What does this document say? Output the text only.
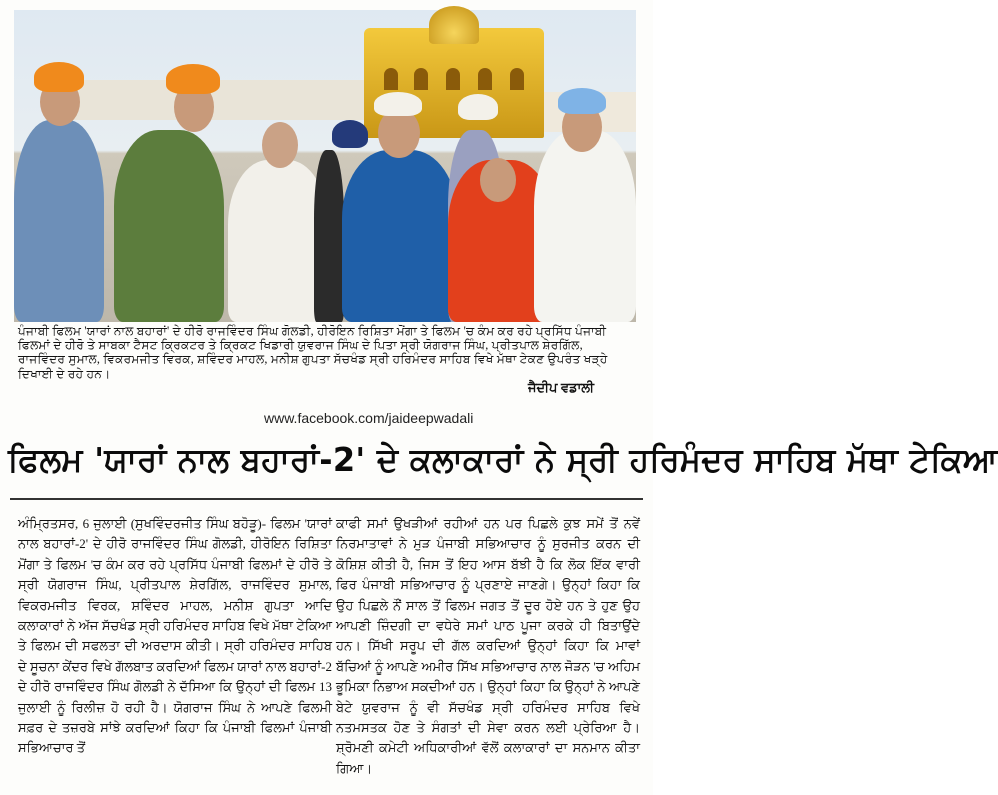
ਪੰਜਾਬੀ ਫਿਲਮ 'ਯਾਰਾਂ ਨਾਲ ਬਹਾਰਾਂ' ਦੇ ਹੀਰੋ ਰਾਜਵਿੰਦਰ ਸਿੰਘ ਗੋਲਡੀ, ਹੀਰੋਇਨ ਰਿਸ਼ਿਤਾ ਮੋਂਗਾ ਤੇ ਫਿਲਮ 'ਚ ਕੰਮ ਕਰ ਰਹੇ ਪ੍ਰਸਿੱਧ ਪੰਜਾਬੀ ਫਿਲਮਾਂ ਦੇ ਹੀਰੋ ਤੇ ਸਾਬਕਾ ਟੈਸਟ ਕ੍ਰਿਕਟਰ ਤੇ ਕ੍ਰਿਕਟ ਖਿਡਾਰੀ ਯੁਵਰਾਜ ਸਿੰਘ ਦੇ ਪਿਤਾ ਸ੍ਰੀ ਯੋਗਰਾਜ ਸਿੰਘ, ਪ੍ਰੀਤਪਾਲ ਸ਼ੇਰਗਿੱਲ, ਰਾਜਵਿੰਦਰ ਸੁਮਾਲ, ਵਿਕਰਮਜੀਤ ਵਿਰਕ, ਸ਼ਵਿੰਦਰ ਮਾਹਲ, ਮਨੀਸ਼ ਗੁਪਤਾ ਸੱਚਖੰਡ ਸ੍ਰੀ ਹਰਿਮੰਦਰ ਸਾਹਿਬ ਵਿਖੇ ਮੱਥਾ ਟੇਕਣ ਉਪਰੰਤ ਖੜ੍ਹੇ ਦਿਖਾਈ ਦੇ ਰਹੇ ਹਨ।
ਜੈਦੀਪ ਵਡਾਲੀ
www.facebook.com/jaideepwadali
ਫਿਲਮ 'ਯਾਰਾਂ ਨਾਲ ਬਹਾਰਾਂ-2' ਦੇ ਕਲਾਕਾਰਾਂ ਨੇ ਸ੍ਰੀ ਹਰਿਮੰਦਰ ਸਾਹਿਬ ਮੱਥਾ ਟੇਕਿਆ

ਅੰਮ੍ਰਿਤਸਰ, 6 ਜੁਲਾਈ (ਸੁਖਵਿੰਦਰਜੀਤ ਸਿੰਘ ਬਹੋੜੂ)- ਫਿਲਮ 'ਯਾਰਾਂ ਨਾਲ ਬਹਾਰਾਂ-2' ਦੇ ਹੀਰੋ ਰਾਜਵਿੰਦਰ ਸਿੰਘ ਗੋਲਡੀ, ਹੀਰੋਇਨ ਰਿਸ਼ਿਤਾ ਮੋਂਗਾ ਤੇ ਫਿਲਮ 'ਚ ਕੰਮ ਕਰ ਰਹੇ ਪ੍ਰਸਿੱਧ ਪੰਜਾਬੀ ਫਿਲਮਾਂ ਦੇ ਹੀਰੋ ਤੇ ਸ੍ਰੀ ਯੋਗਰਾਜ ਸਿੰਘ, ਪ੍ਰੀਤਪਾਲ ਸ਼ੇਰਗਿੱਲ, ਰਾਜਵਿੰਦਰ ਸੁਮਾਲ, ਵਿਕਰਮਜੀਤ ਵਿਰਕ, ਸ਼ਵਿੰਦਰ ਮਾਹਲ, ਮਨੀਸ਼ ਗੁਪਤਾ ਆਦਿ ਕਲਾਕਾਰਾਂ ਨੇ ਅੱਜ ਸੱਚਖੰਡ ਸ੍ਰੀ ਹਰਿਮੰਦਰ ਸਾਹਿਬ ਵਿਖੇ ਮੱਥਾ ਟੇਕਿਆ ਤੇ ਫਿਲਮ ਦੀ ਸਫਲਤਾ ਦੀ ਅਰਦਾਸ ਕੀਤੀ। ਸ੍ਰੀ ਹਰਿਮੰਦਰ ਸਾਹਿਬ ਦੇ ਸੂਚਨਾ ਕੇਂਦਰ ਵਿਖੇ ਗੱਲਬਾਤ ਕਰਦਿਆਂ ਫਿਲਮ ਯਾਰਾਂ ਨਾਲ ਬਹਾਰਾਂ-2 ਦੇ ਹੀਰੋ ਰਾਜਵਿੰਦਰ ਸਿੰਘ ਗੋਲਡੀ ਨੇ ਦੱਸਿਆ ਕਿ ਉਨ੍ਹਾਂ ਦੀ ਫਿਲਮ 13 ਜੁਲਾਈ ਨੂੰ ਰਿਲੀਜ਼ ਹੋ ਰਹੀ ਹੈ। ਯੋਗਰਾਜ ਸਿੰਘ ਨੇ ਆਪਣੇ ਫਿਲਮੀ ਸਫ਼ਰ ਦੇ ਤਜ਼ਰਬੇ ਸਾਂਝੇ ਕਰਦਿਆਂ ਕਿਹਾ ਕਿ ਪੰਜਾਬੀ ਫਿਲਮਾਂ ਪੰਜਾਬੀ ਸਭਿਆਚਾਰ ਤੋਂ

ਕਾਫੀ ਸਮਾਂ ਉਖੜੀਆਂ ਰਹੀਆਂ ਹਨ ਪਰ ਪਿਛਲੇ ਕੁਝ ਸਮੇਂ ਤੋਂ ਨਵੇਂ ਨਿਰਮਾਤਾਵਾਂ ਨੇ ਮੁੜ ਪੰਜਾਬੀ ਸਭਿਆਚਾਰ ਨੂੰ ਸੁਰਜੀਤ ਕਰਨ ਦੀ ਕੋਸ਼ਿਸ਼ ਕੀਤੀ ਹੈ, ਜਿਸ ਤੋਂ ਇਹ ਆਸ ਬੱਝੀ ਹੈ ਕਿ ਲੋਕ ਇੱਕ ਵਾਰੀ ਫਿਰ ਪੰਜਾਬੀ ਸਭਿਆਚਾਰ ਨੂੰ ਪ੍ਰਣਾਏ ਜਾਣਗੇ। ਉਨ੍ਹਾਂ ਕਿਹਾ ਕਿ ਉਹ ਪਿਛਲੇ ਨੌਂ ਸਾਲ ਤੋਂ ਫਿਲਮ ਜਗਤ ਤੋਂ ਦੂਰ ਹੋਏ ਹਨ ਤੇ ਹੁਣ ਉਹ ਆਪਣੀ ਜ਼ਿੰਦਗੀ ਦਾ ਵਧੇਰੇ ਸਮਾਂ ਪਾਠ ਪੂਜਾ ਕਰਕੇ ਹੀ ਬਿਤਾਉਂਦੇ ਹਨ। ਸਿੱਖੀ ਸਰੂਪ ਦੀ ਗੱਲ ਕਰਦਿਆਂ ਉਨ੍ਹਾਂ ਕਿਹਾ ਕਿ ਮਾਵਾਂ ਬੱਚਿਆਂ ਨੂੰ ਆਪਣੇ ਅਮੀਰ ਸਿੱਖ ਸਭਿਆਚਾਰ ਨਾਲ ਜੋੜਨ 'ਚ ਅਹਿਮ ਭੂਮਿਕਾ ਨਿਭਾਅ ਸਕਦੀਆਂ ਹਨ। ਉਨ੍ਹਾਂ ਕਿਹਾ ਕਿ ਉਨ੍ਹਾਂ ਨੇ ਆਪਣੇ ਬੇਟੇ ਯੁਵਰਾਜ ਨੂੰ ਵੀ ਸੱਚਖੰਡ ਸ੍ਰੀ ਹਰਿਮੰਦਰ ਸਾਹਿਬ ਵਿਖੇ ਨਤਮਸਤਕ ਹੋਣ ਤੇ ਸੰਗਤਾਂ ਦੀ ਸੇਵਾ ਕਰਨ ਲਈ ਪ੍ਰੇਰਿਆ ਹੈ। ਸ਼੍ਰੋਮਣੀ ਕਮੇਟੀ ਅਧਿਕਾਰੀਆਂ ਵੱਲੋਂ ਕਲਾਕਾਰਾਂ ਦਾ ਸਨਮਾਨ ਕੀਤਾ ਗਿਆ।
